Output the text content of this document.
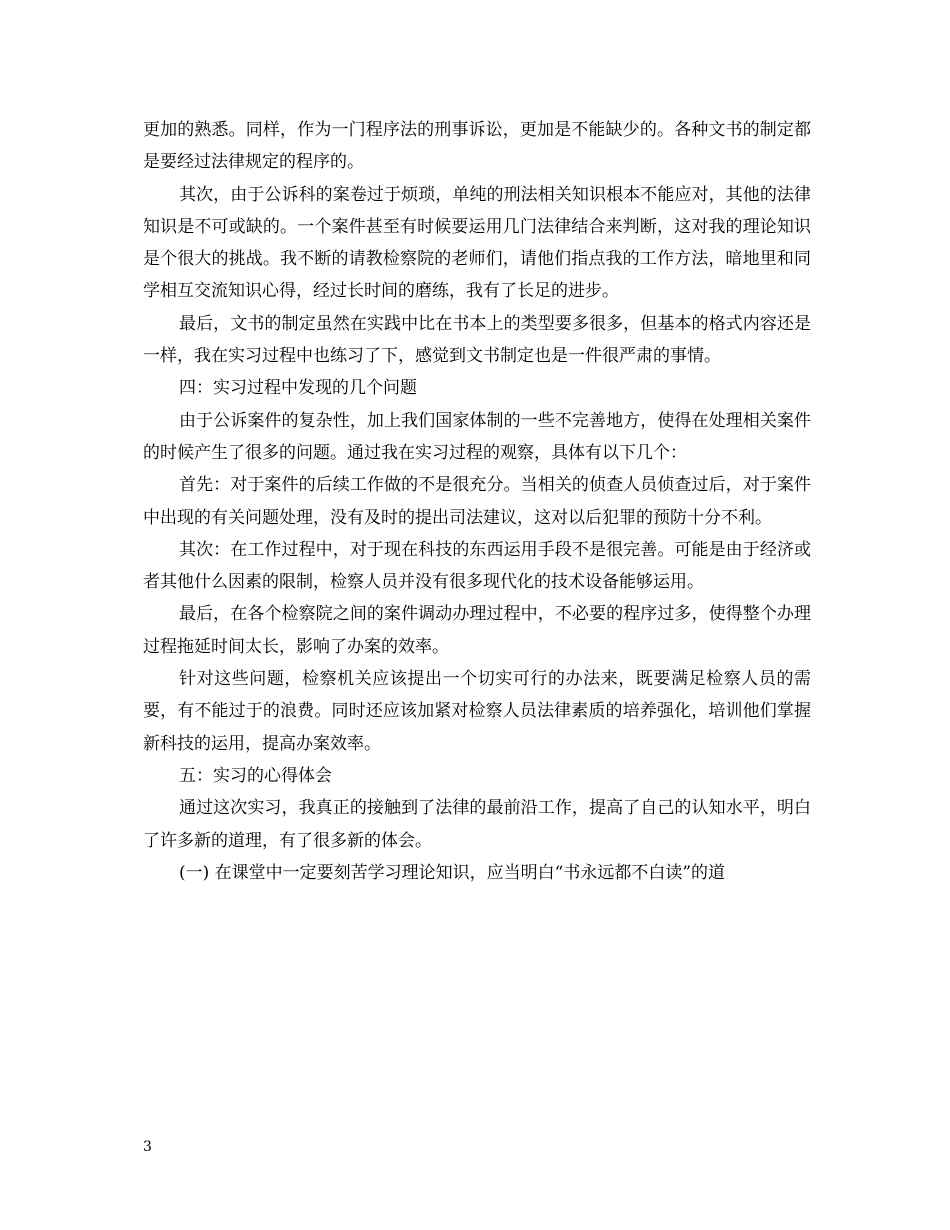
更加的熟悉。同样，作为一门程序法的刑事诉讼，更加是不能缺少的。各种文书的制定都是要经过法律规定的程序的。

其次，由于公诉科的案卷过于烦琐，单纯的刑法相关知识根本不能应对，其他的法律知识是不可或缺的。一个案件甚至有时候要运用几门法律结合来判断，这对我的理论知识是个很大的挑战。我不断的请教检察院的老师们，请他们指点我的工作方法，暗地里和同学相互交流知识心得，经过长时间的磨练，我有了长足的进步。

最后，文书的制定虽然在实践中比在书本上的类型要多很多，但基本的格式内容还是一样，我在实习过程中也练习了下，感觉到文书制定也是一件很严肃的事情。

四：实习过程中发现的几个问题

由于公诉案件的复杂性，加上我们国家体制的一些不完善地方，使得在处理相关案件的时候产生了很多的问题。通过我在实习过程的观察，具体有以下几个：

首先：对于案件的后续工作做的不是很充分。当相关的侦查人员侦查过后，对于案件中出现的有关问题处理，没有及时的提出司法建议，这对以后犯罪的预防十分不利。

其次：在工作过程中，对于现在科技的东西运用手段不是很完善。可能是由于经济或者其他什么因素的限制，检察人员并没有很多现代化的技术设备能够运用。

最后，在各个检察院之间的案件调动办理过程中，不必要的程序过多，使得整个办理过程拖延时间太长，影响了办案的效率。

针对这些问题，检察机关应该提出一个切实可行的办法来，既要满足检察人员的需要，有不能过于的浪费。同时还应该加紧对检察人员法律素质的培养强化，培训他们掌握新科技的运用，提高办案效率。

五：实习的心得体会

通过这次实习，我真正的接触到了法律的最前沿工作，提高了自己的认知水平，明白了许多新的道理，有了很多新的体会。

(一) 在课堂中一定要刻苦学习理论知识，应当明白“书永远都不白读”的道

3
